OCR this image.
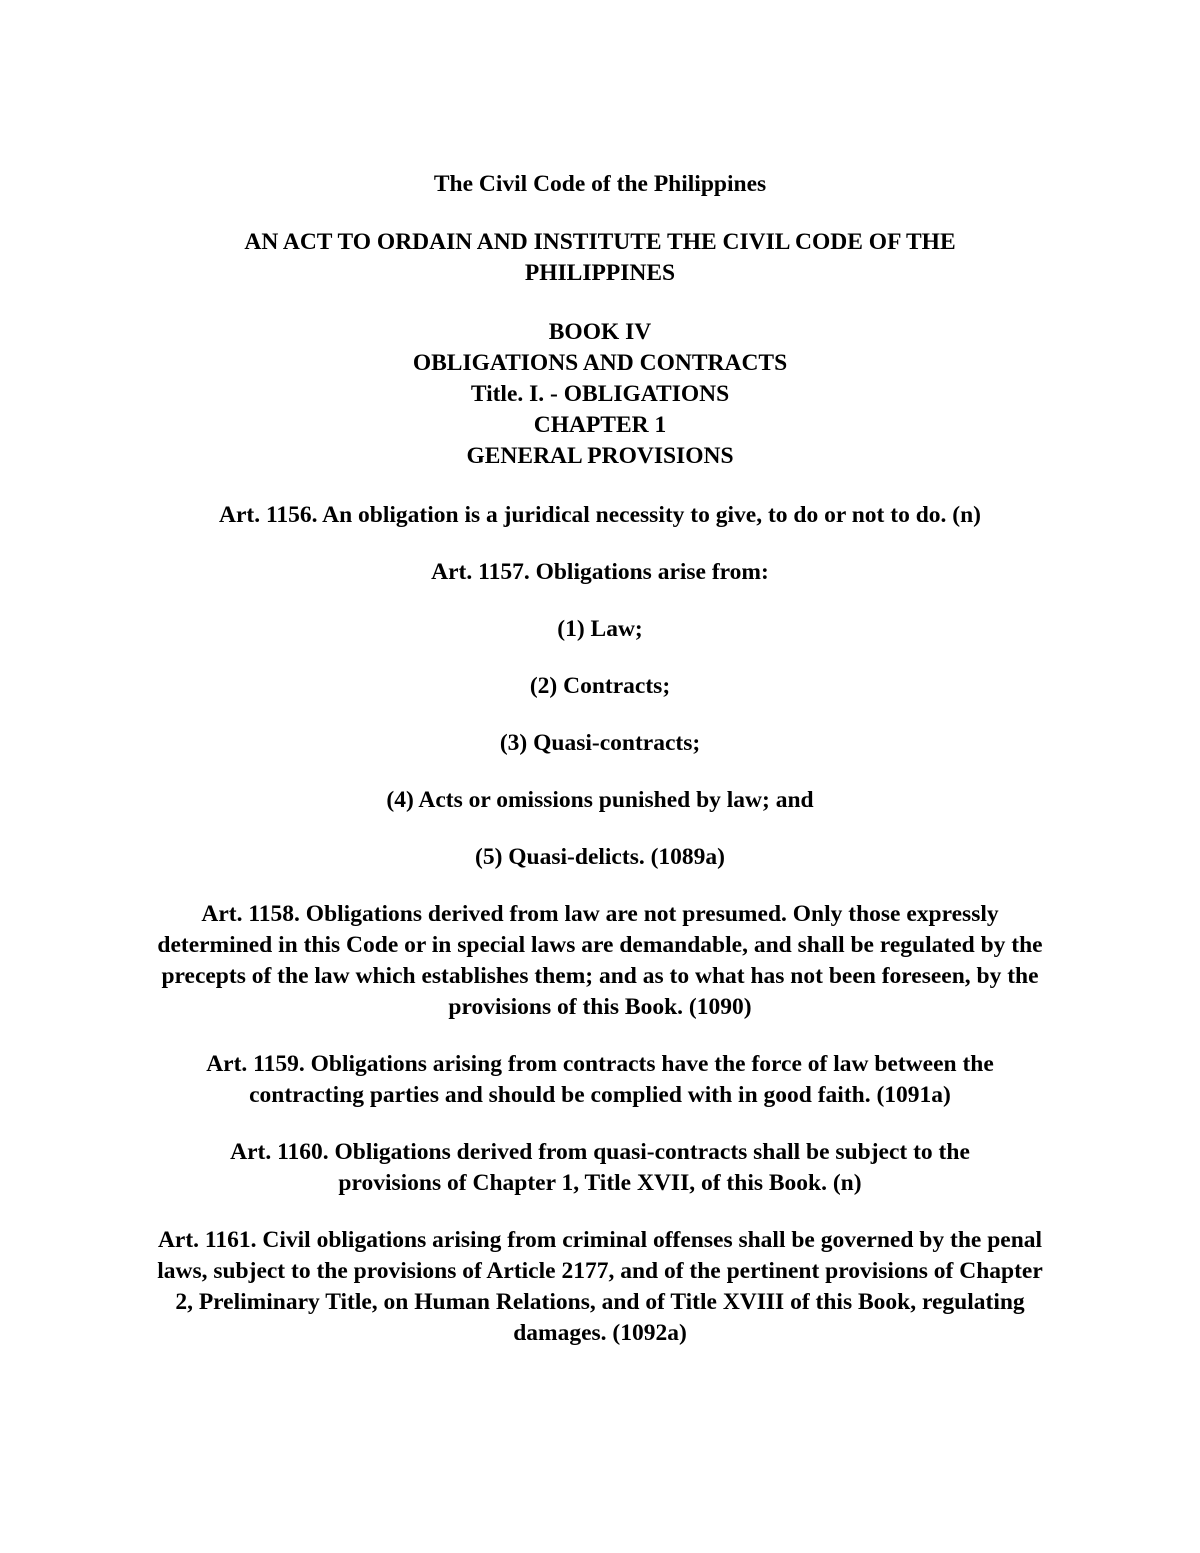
The Civil Code of the Philippines

AN ACT TO ORDAIN AND INSTITUTE THE CIVIL CODE OF THE PHILIPPINES

BOOK IV
OBLIGATIONS AND CONTRACTS
Title. I. - OBLIGATIONS
CHAPTER 1
GENERAL PROVISIONS

Art. 1156. An obligation is a juridical necessity to give, to do or not to do. (n)

Art. 1157. Obligations arise from:

(1) Law;

(2) Contracts;

(3) Quasi-contracts;

(4) Acts or omissions punished by law; and

(5) Quasi-delicts. (1089a)

Art. 1158. Obligations derived from law are not presumed. Only those expressly determined in this Code or in special laws are demandable, and shall be regulated by the precepts of the law which establishes them; and as to what has not been foreseen, by the provisions of this Book. (1090)

Art. 1159. Obligations arising from contracts have the force of law between the contracting parties and should be complied with in good faith. (1091a)

Art. 1160. Obligations derived from quasi-contracts shall be subject to the provisions of Chapter 1, Title XVII, of this Book. (n)

Art. 1161. Civil obligations arising from criminal offenses shall be governed by the penal laws, subject to the provisions of Article 2177, and of the pertinent provisions of Chapter 2, Preliminary Title, on Human Relations, and of Title XVIII of this Book, regulating damages. (1092a)
